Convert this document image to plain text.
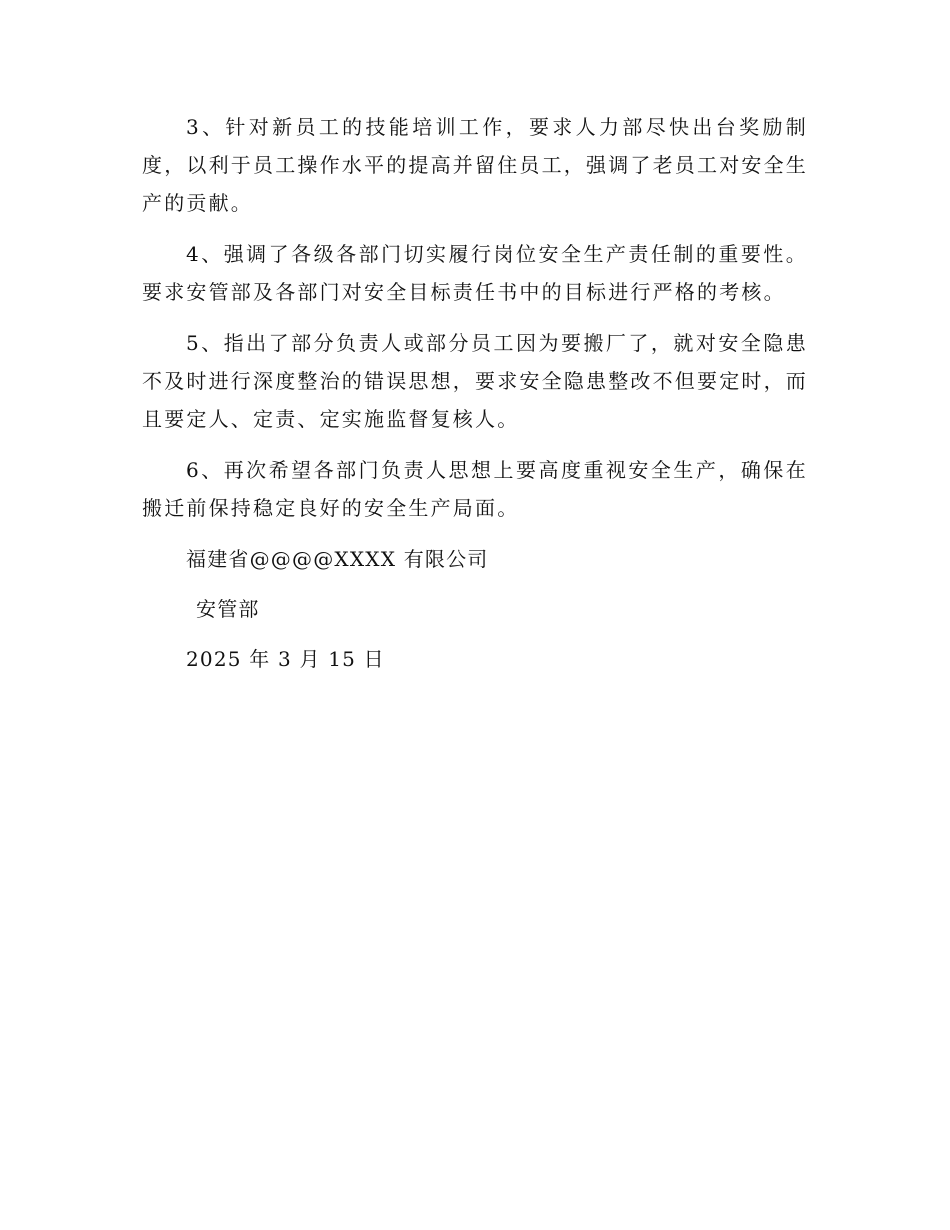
3、针对新员工的技能培训工作，要求人力部尽快出台奖励制度，以利于员工操作水平的提高并留住员工，强调了老员工对安全生产的贡献。

4、强调了各级各部门切实履行岗位安全生产责任制的重要性。要求安管部及各部门对安全目标责任书中的目标进行严格的考核。

5、指出了部分负责人或部分员工因为要搬厂了，就对安全隐患不及时进行深度整治的错误思想，要求安全隐患整改不但要定时，而且要定人、定责、定实施监督复核人。

6、再次希望各部门负责人思想上要高度重视安全生产，确保在搬迁前保持稳定良好的安全生产局面。

福建省@@@@XXXX 有限公司
安管部
2025 年 3 月 15 日
